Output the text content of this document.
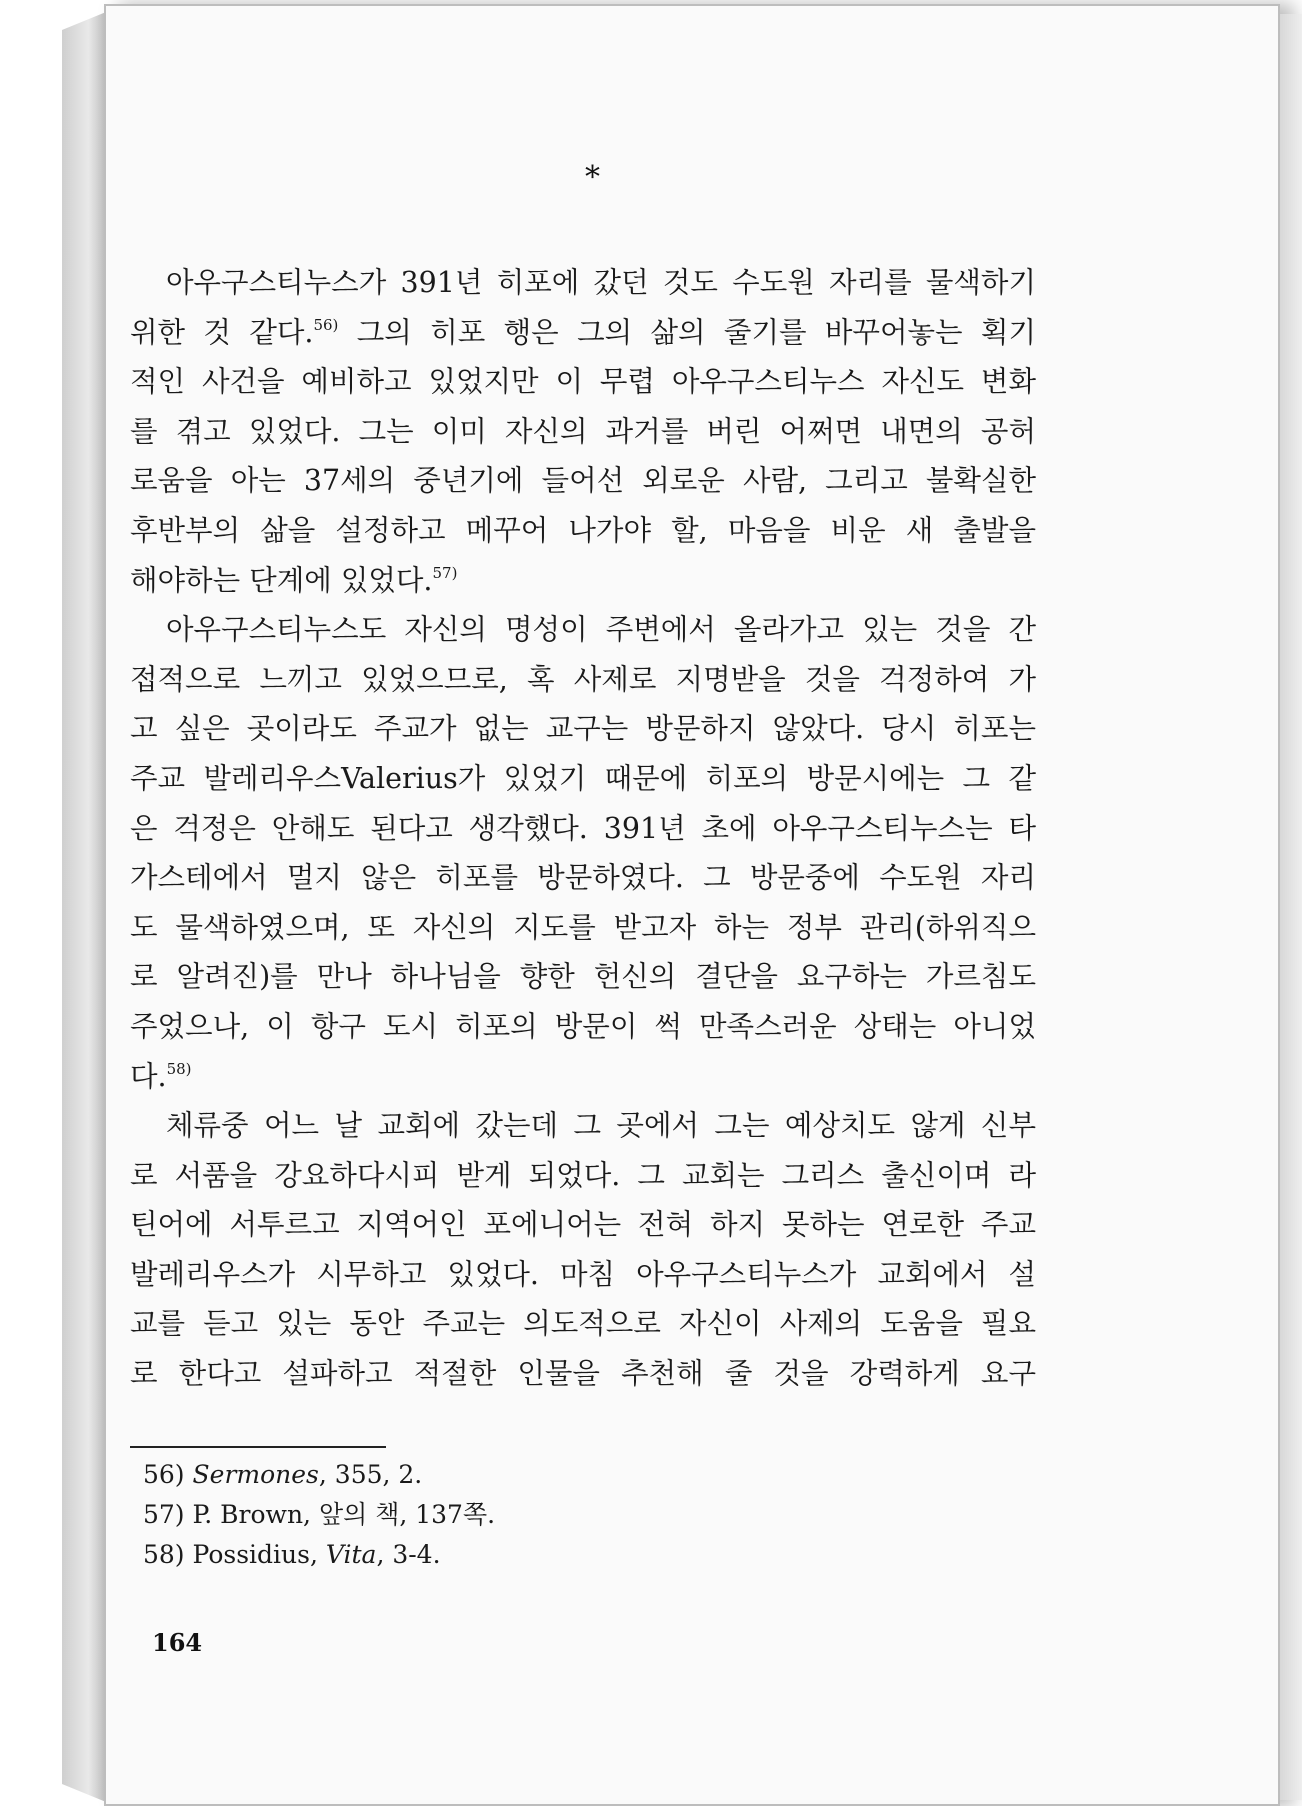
*
아우구스티누스가 391년 히포에 갔던 것도 수도원 자리를 물색하기
위한 것 같다.$^{56)}$ 그의 히포 행은 그의 삶의 줄기를 바꾸어놓는 획기
적인 사건을 예비하고 있었지만 이 무렵 아우구스티누스 자신도 변화
를 겪고 있었다. 그는 이미 자신의 과거를 버린 어쩌면 내면의 공허
로움을 아는 37세의 중년기에 들어선 외로운 사람, 그리고 불확실한
후반부의 삶을 설정하고 메꾸어 나가야 할, 마음을 비운 새 출발을
해야하는 단계에 있었다.$^{57)}$
아우구스티누스도 자신의 명성이 주변에서 올라가고 있는 것을 간
접적으로 느끼고 있었으므로, 혹 사제로 지명받을 것을 걱정하여 가
고 싶은 곳이라도 주교가 없는 교구는 방문하지 않았다. 당시 히포는
주교 발레리우스Valerius가 있었기 때문에 히포의 방문시에는 그 같
은 걱정은 안해도 된다고 생각했다. 391년 초에 아우구스티누스는 타
가스테에서 멀지 않은 히포를 방문하였다. 그 방문중에 수도원 자리
도 물색하였으며, 또 자신의 지도를 받고자 하는 정부 관리(하위직으
로 알려진)를 만나 하나님을 향한 헌신의 결단을 요구하는 가르침도
주었으나, 이 항구 도시 히포의 방문이 썩 만족스러운 상태는 아니었
다.$^{58)}$
체류중 어느 날 교회에 갔는데 그 곳에서 그는 예상치도 않게 신부
로 서품을 강요하다시피 받게 되었다. 그 교회는 그리스 출신이며 라
틴어에 서투르고 지역어인 포에니어는 전혀 하지 못하는 연로한 주교
발레리우스가 시무하고 있었다. 마침 아우구스티누스가 교회에서 설
교를 듣고 있는 동안 주교는 의도적으로 자신이 사제의 도움을 필요
로 한다고 설파하고 적절한 인물을 추천해 줄 것을 강력하게 요구
56) Sermones, 355, 2.
57) P. Brown, 앞의 책, 137쪽.
58) Possidius, Vita, 3-4.
164
